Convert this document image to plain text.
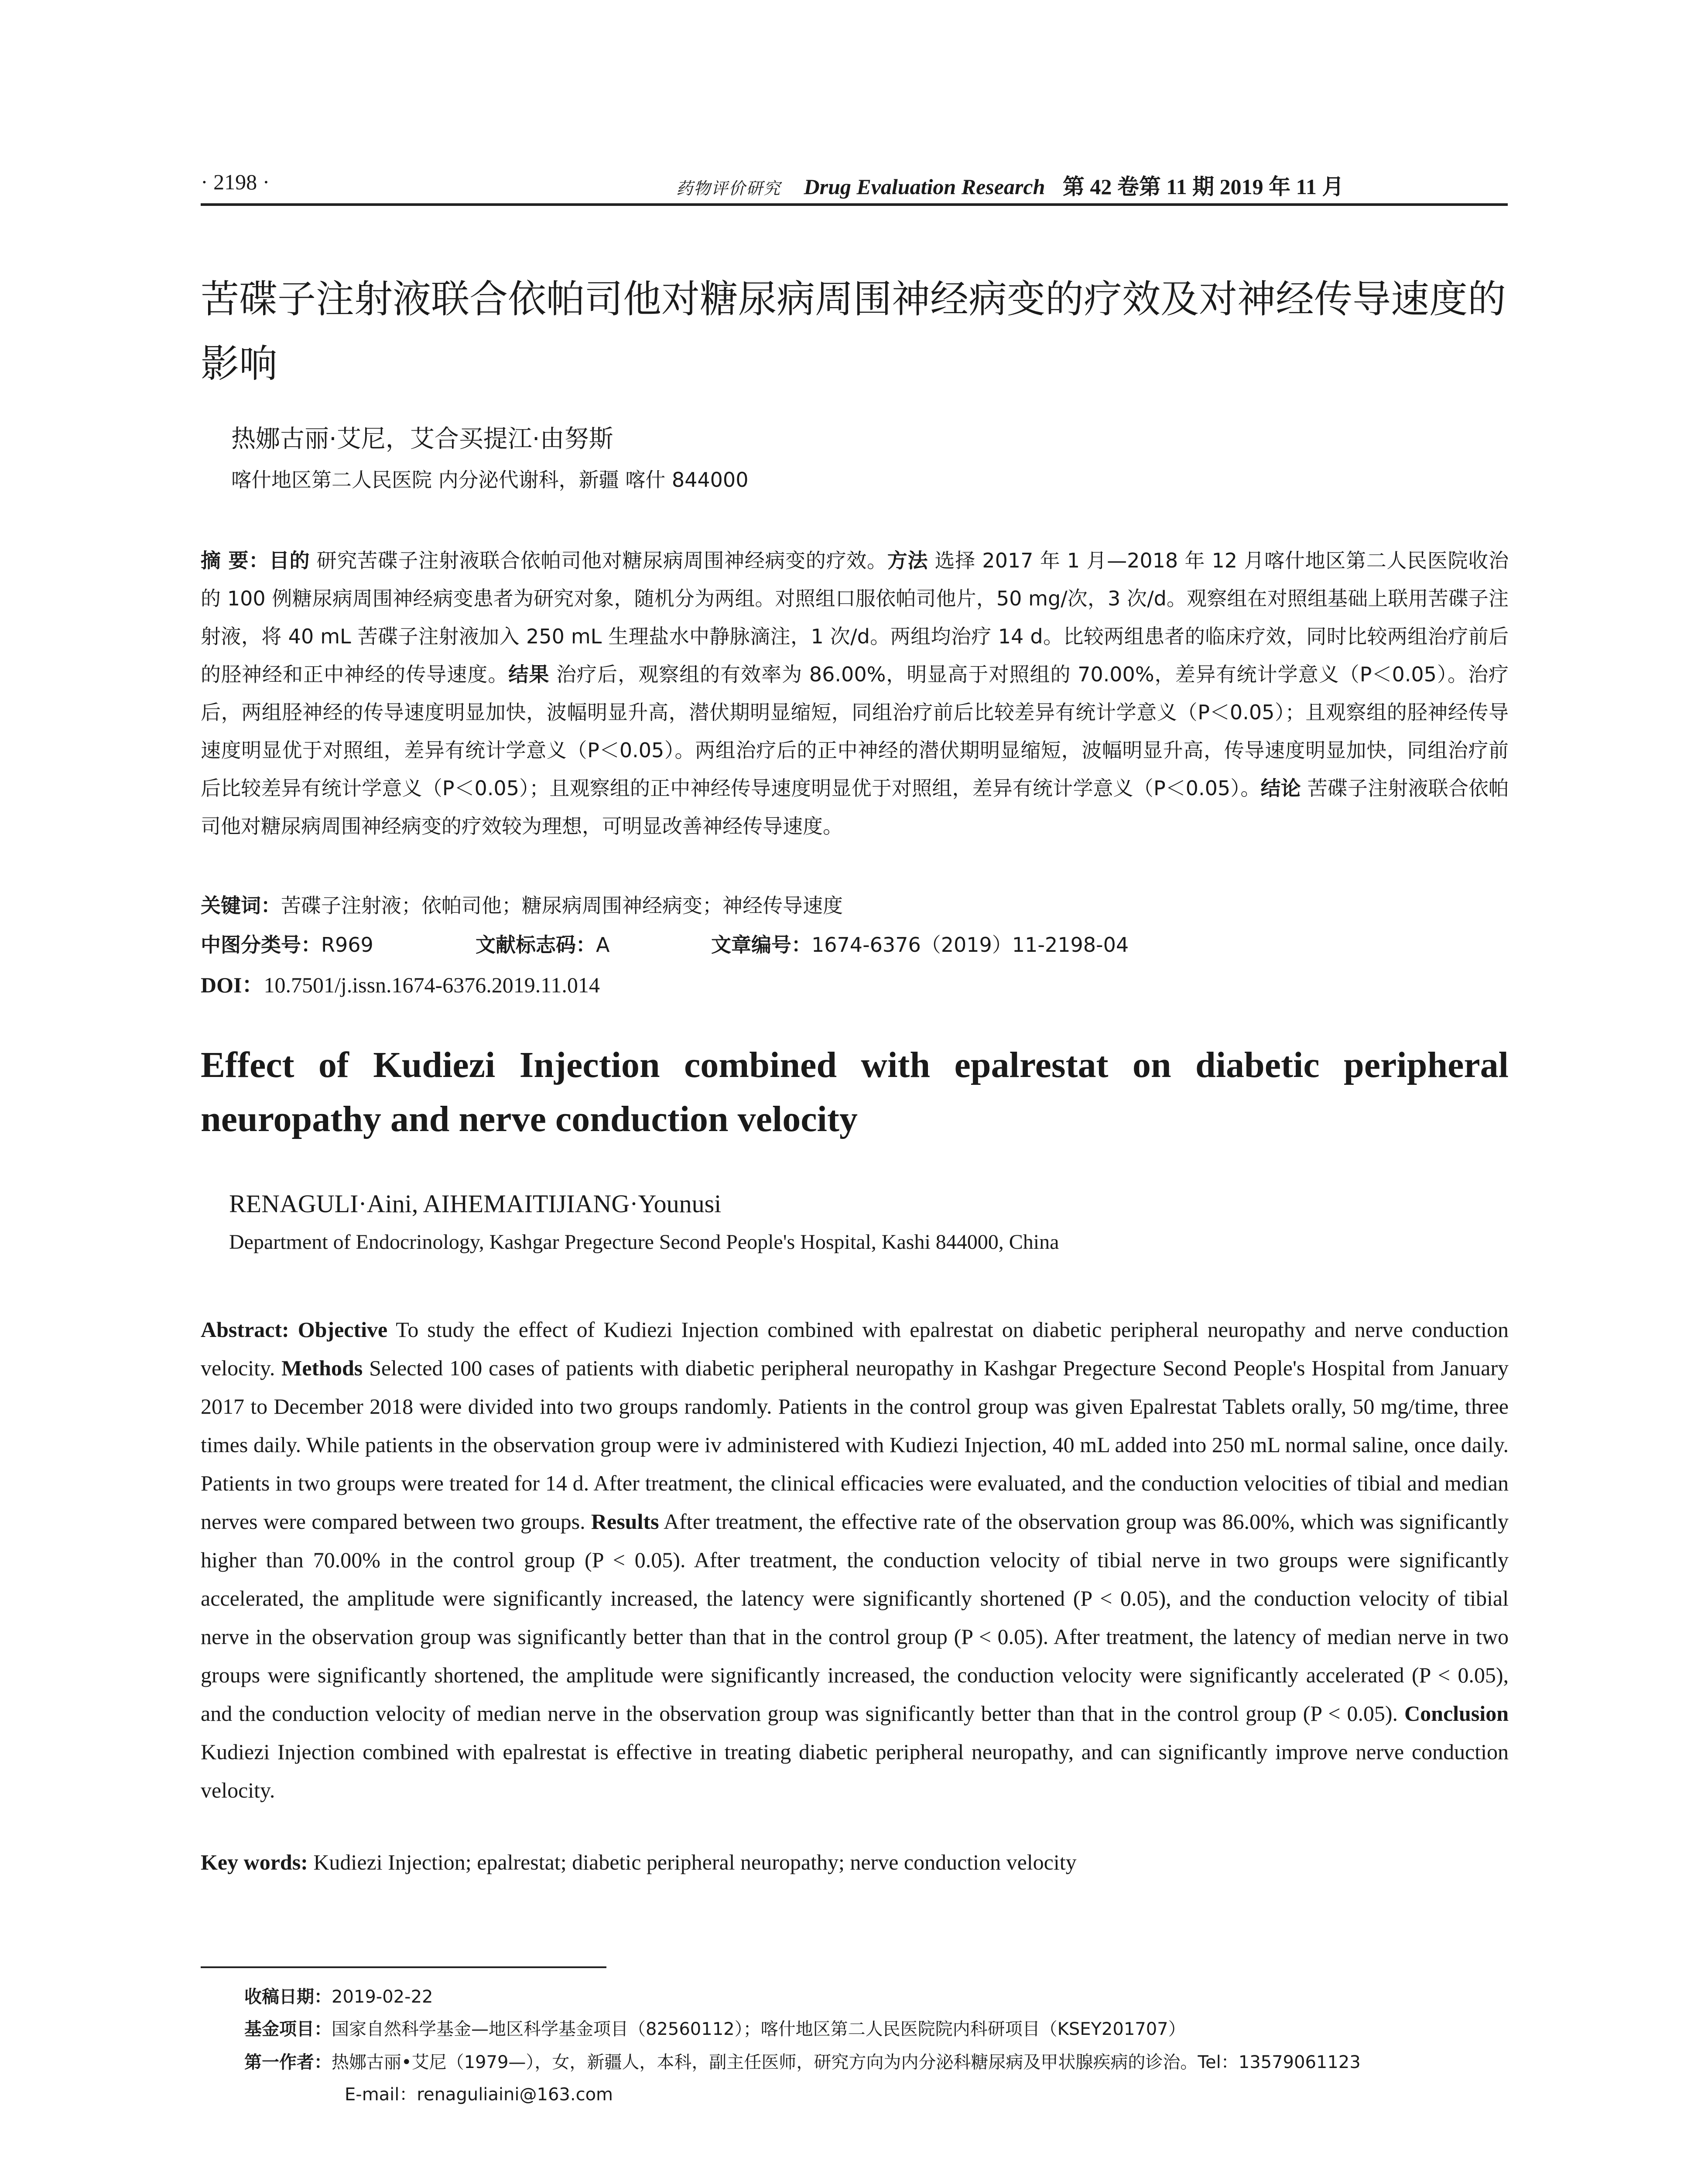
· 2198 ·	药物评价研究 Drug Evaluation Research 第 42 卷第 11 期 2019 年 11 月
苦碟子注射液联合依帕司他对糖尿病周围神经病变的疗效及对神经传导速度的影响
热娜古丽·艾尼，艾合买提江·由努斯
喀什地区第二人民医院 内分泌代谢科，新疆 喀什 844000
摘 要：目的 研究苦碟子注射液联合依帕司他对糖尿病周围神经病变的疗效。方法 选择 2017 年 1 月—2018 年 12 月喀什地区第二人民医院收治的 100 例糖尿病周围神经病变患者为研究对象，随机分为两组。对照组口服依帕司他片，50 mg/次，3 次/d。观察组在对照组基础上联用苦碟子注射液，将 40 mL 苦碟子注射液加入 250 mL 生理盐水中静脉滴注，1 次/d。两组均治疗 14 d。比较两组患者的临床疗效，同时比较两组治疗前后的胫神经和正中神经的传导速度。结果 治疗后，观察组的有效率为 86.00%，明显高于对照组的 70.00%，差异有统计学意义（P＜0.05）。治疗后，两组胫神经的传导速度明显加快，波幅明显升高，潜伏期明显缩短，同组治疗前后比较差异有统计学意义（P＜0.05）；且观察组的胫神经传导速度明显优于对照组，差异有统计学意义（P＜0.05）。两组治疗后的正中神经的潜伏期明显缩短，波幅明显升高，传导速度明显加快，同组治疗前后比较差异有统计学意义（P＜0.05）；且观察组的正中神经传导速度明显优于对照组，差异有统计学意义（P＜0.05）。结论 苦碟子注射液联合依帕司他对糖尿病周围神经病变的疗效较为理想，可明显改善神经传导速度。
关键词：苦碟子注射液；依帕司他；糖尿病周围神经病变；神经传导速度
中图分类号：R969	文献标志码：A	文章编号：1674-6376（2019）11-2198-04
DOI：10.7501/j.issn.1674-6376.2019.11.014
Effect of Kudiezi Injection combined with epalrestat on diabetic peripheral neuropathy and nerve conduction velocity
RENAGULI·Aini, AIHEMAITIJIANG·Younusi
Department of Endocrinology, Kashgar Pregecture Second People's Hospital, Kashi 844000, China
Abstract: Objective To study the effect of Kudiezi Injection combined with epalrestat on diabetic peripheral neuropathy and nerve conduction velocity. Methods Selected 100 cases of patients with diabetic peripheral neuropathy in Kashgar Pregecture Second People's Hospital from January 2017 to December 2018 were divided into two groups randomly. Patients in the control group was given Epalrestat Tablets orally, 50 mg/time, three times daily. While patients in the observation group were iv administered with Kudiezi Injection, 40 mL added into 250 mL normal saline, once daily. Patients in two groups were treated for 14 d. After treatment, the clinical efficacies were evaluated, and the conduction velocities of tibial and median nerves were compared between two groups. Results After treatment, the effective rate of the observation group was 86.00%, which was significantly higher than 70.00% in the control group (P < 0.05). After treatment, the conduction velocity of tibial nerve in two groups were significantly accelerated, the amplitude were significantly increased, the latency were significantly shortened (P < 0.05), and the conduction velocity of tibial nerve in the observation group was significantly better than that in the control group (P < 0.05). After treatment, the latency of median nerve in two groups were significantly shortened, the amplitude were significantly increased, the conduction velocity were significantly accelerated (P < 0.05), and the conduction velocity of median nerve in the observation group was significantly better than that in the control group (P < 0.05). Conclusion Kudiezi Injection combined with epalrestat is effective in treating diabetic peripheral neuropathy, and can significantly improve nerve conduction velocity.
Key words: Kudiezi Injection; epalrestat; diabetic peripheral neuropathy; nerve conduction velocity
收稿日期：2019-02-22
基金项目：国家自然科学基金—地区科学基金项目（82560112）；喀什地区第二人民医院院内科研项目（KSEY201707）
第一作者：热娜古丽•艾尼（1979—），女，新疆人，本科，副主任医师，研究方向为内分泌科糖尿病及甲状腺疾病的诊治。Tel：13579061123
E-mail：renaguliaini@163.com
